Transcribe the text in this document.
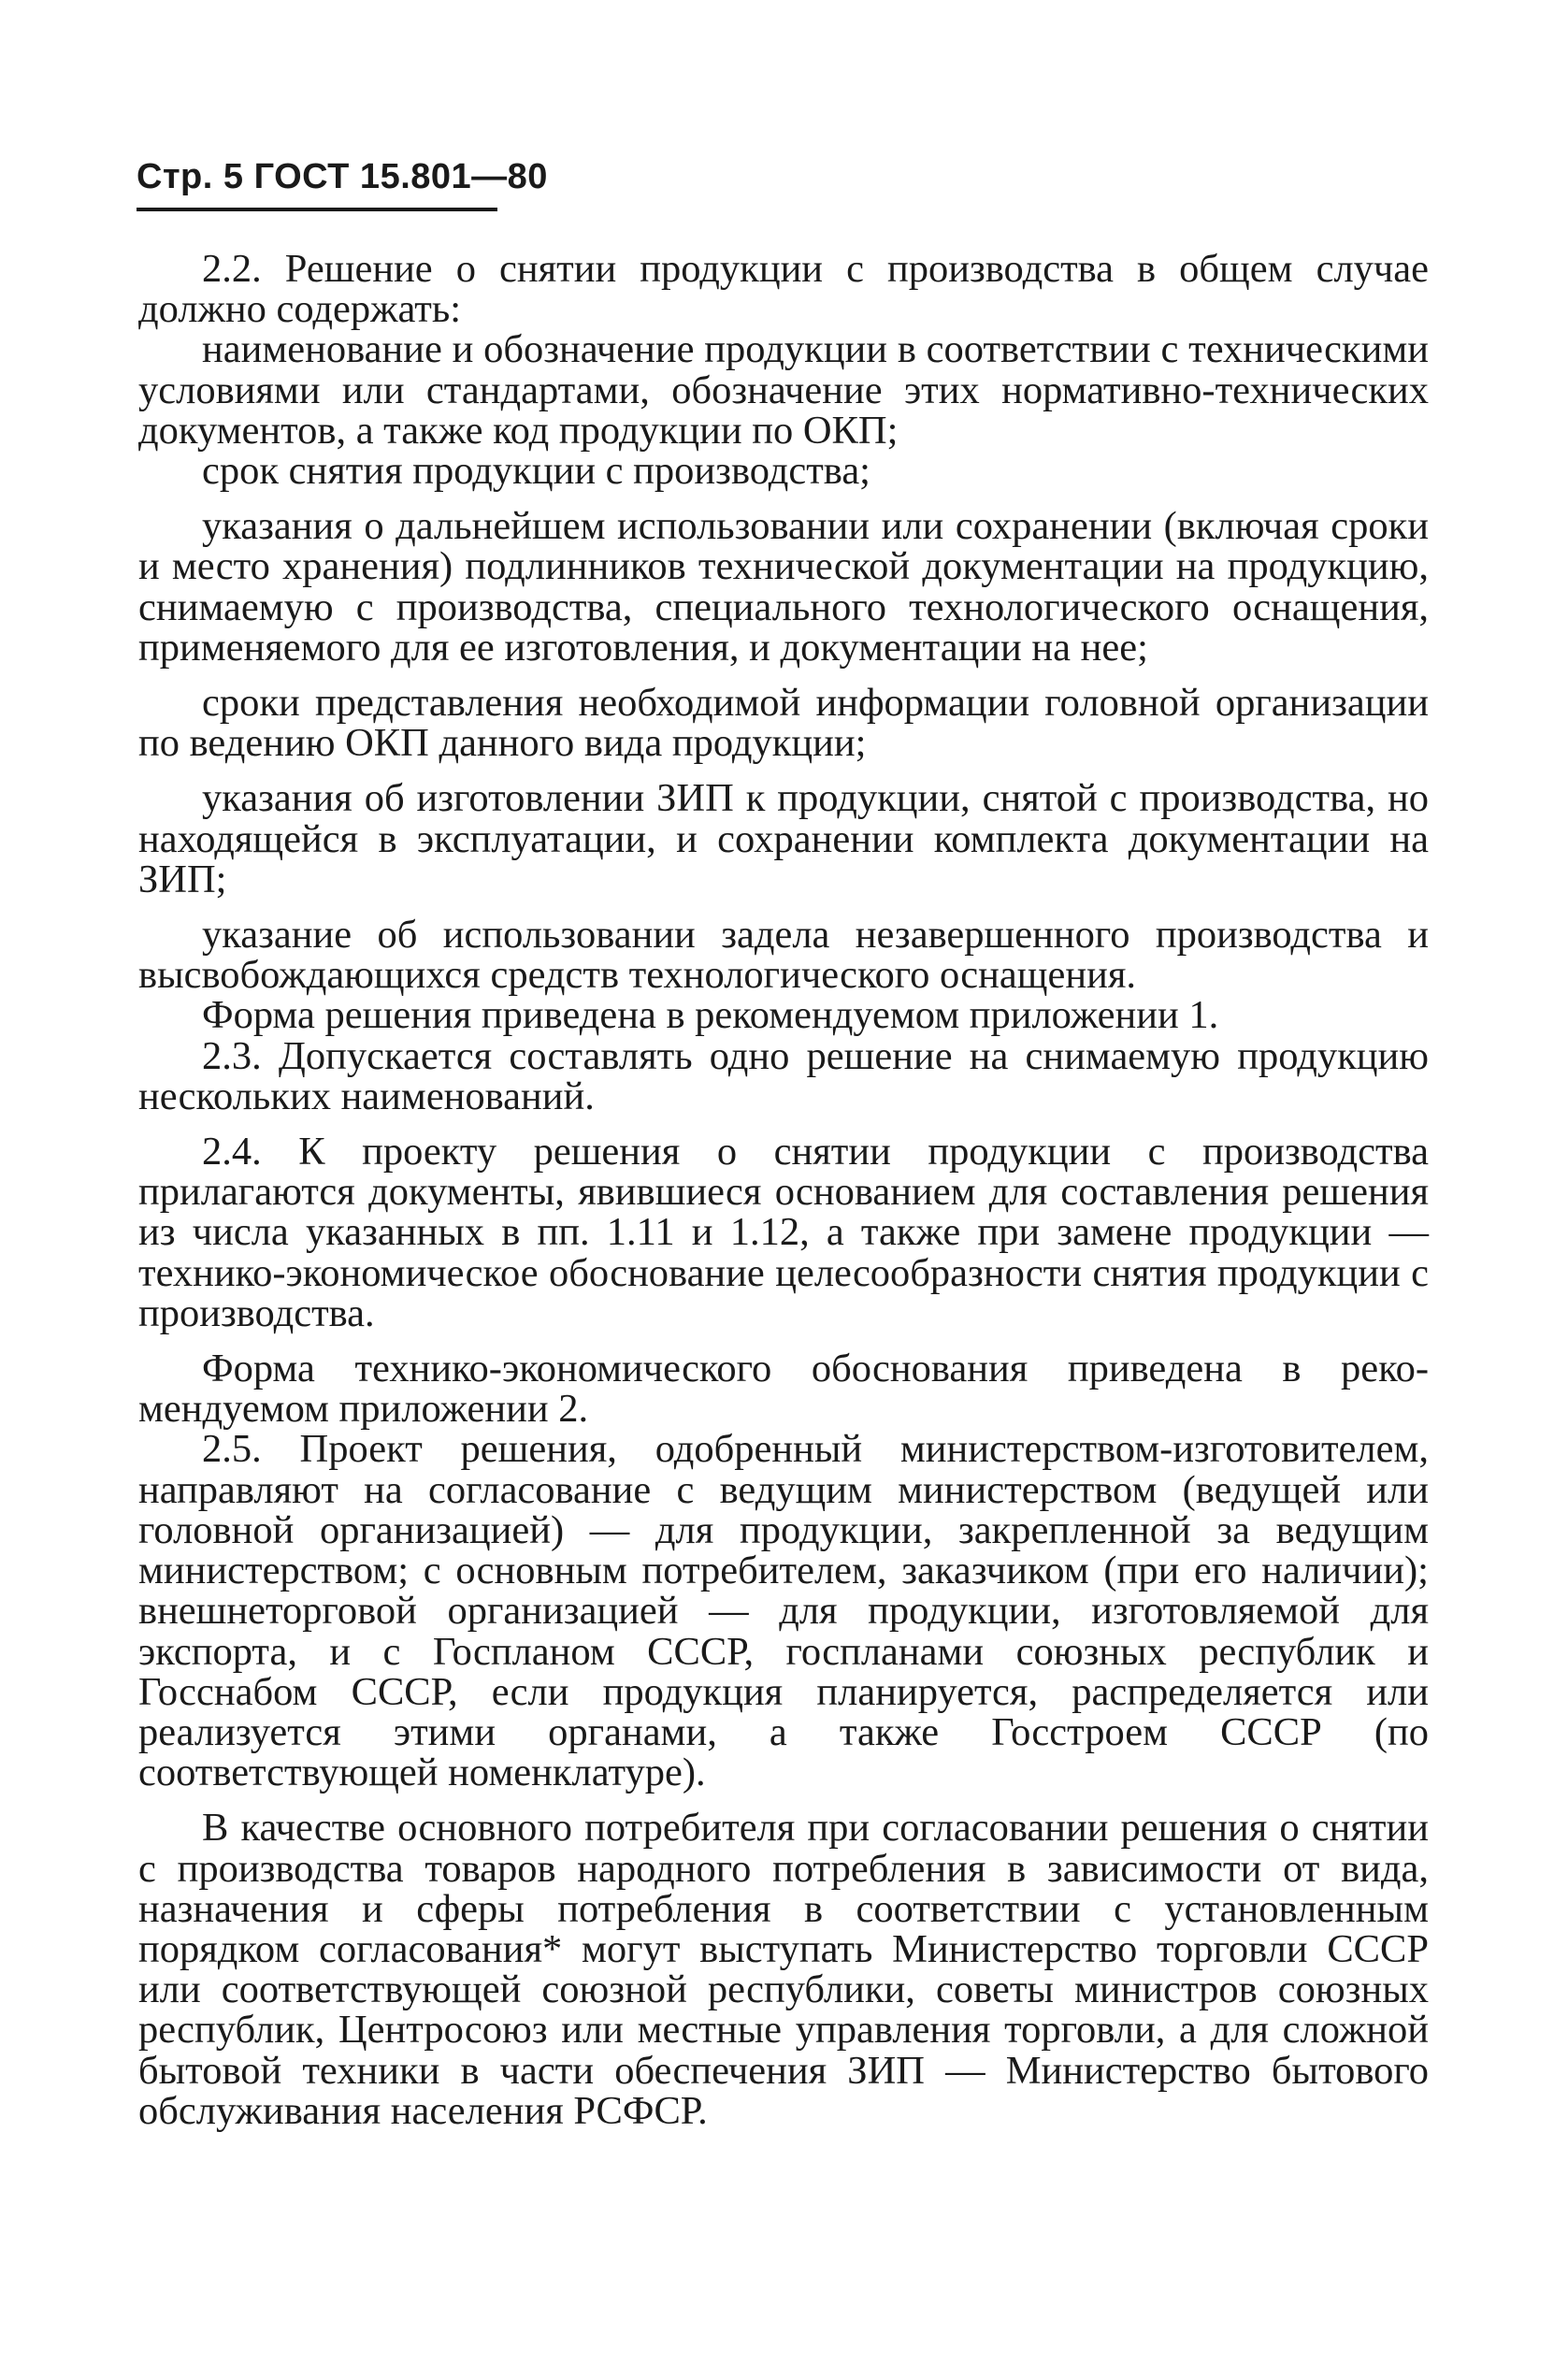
Стр. 5 ГОСТ 15.801—80

2.2. Решение о снятии продукции с производства в общем случае должно содержать:

наименование и обозначение продукции в соответствии с техническими условиями или стандартами, обозначение этих нормативно-технических документов, а также код продукции по ОКП;

срок снятия продукции с производства;

указания о дальнейшем использовании или сохранении (включая сроки и место хранения) подлинников технической документации на продукцию, снимаемую с производства, специального технологического оснащения, применяемого для ее изготовления, и документации на нее;

сроки представления необходимой информации головной организации по ведению ОКП данного вида продукции;

указания об изготовлении ЗИП к продукции, снятой с производства, но находящейся в эксплуатации, и сохранении комплекта документации на ЗИП;

указание об использовании задела незавершенного производства и высвобождающихся средств технологического оснащения.

Форма решения приведена в рекомендуемом приложении 1.

2.3. Допускается составлять одно решение на снимаемую продукцию нескольких наименований.

2.4. К проекту решения о снятии продукции с производства прилагаются документы, явившиеся основанием для составления решения из числа указанных в пп. 1.11 и 1.12, а также при замене продукции — технико-экономическое обоснование целесообразности снятия продукции с производства.

Форма технико-экономического обоснования приведена в рекомендуемом приложении 2.

2.5. Проект решения, одобренный министерством-изготовителем, направляют на согласование с ведущим министерством (ведущей или головной организацией) — для продукции, закрепленной за ведущим министерством; с основным потребителем, заказчиком (при его наличии); внешнеторговой организацией — для продукции, изготовляемой для экспорта, и с Госпланом СССР, госпланами союзных республик и Госснабом СССР, если продукция планируется, распределяется или реализуется этими органами, а также Госстроем СССР (по соответствующей номенклатуре).

В качестве основного потребителя при согласовании решения о снятии с производства товаров народного потребления в зависимости от вида, назначения и сферы потребления в соответствии с установленным порядком согласования* могут выступать Министерство торговли СССР или соответствующей союзной республики, советы министров союзных республик, Центросоюз или местные управления торговли, а для сложной бытовой техники в части обеспечения ЗИП — Министерство бытового обслуживания населения РСФСР.
